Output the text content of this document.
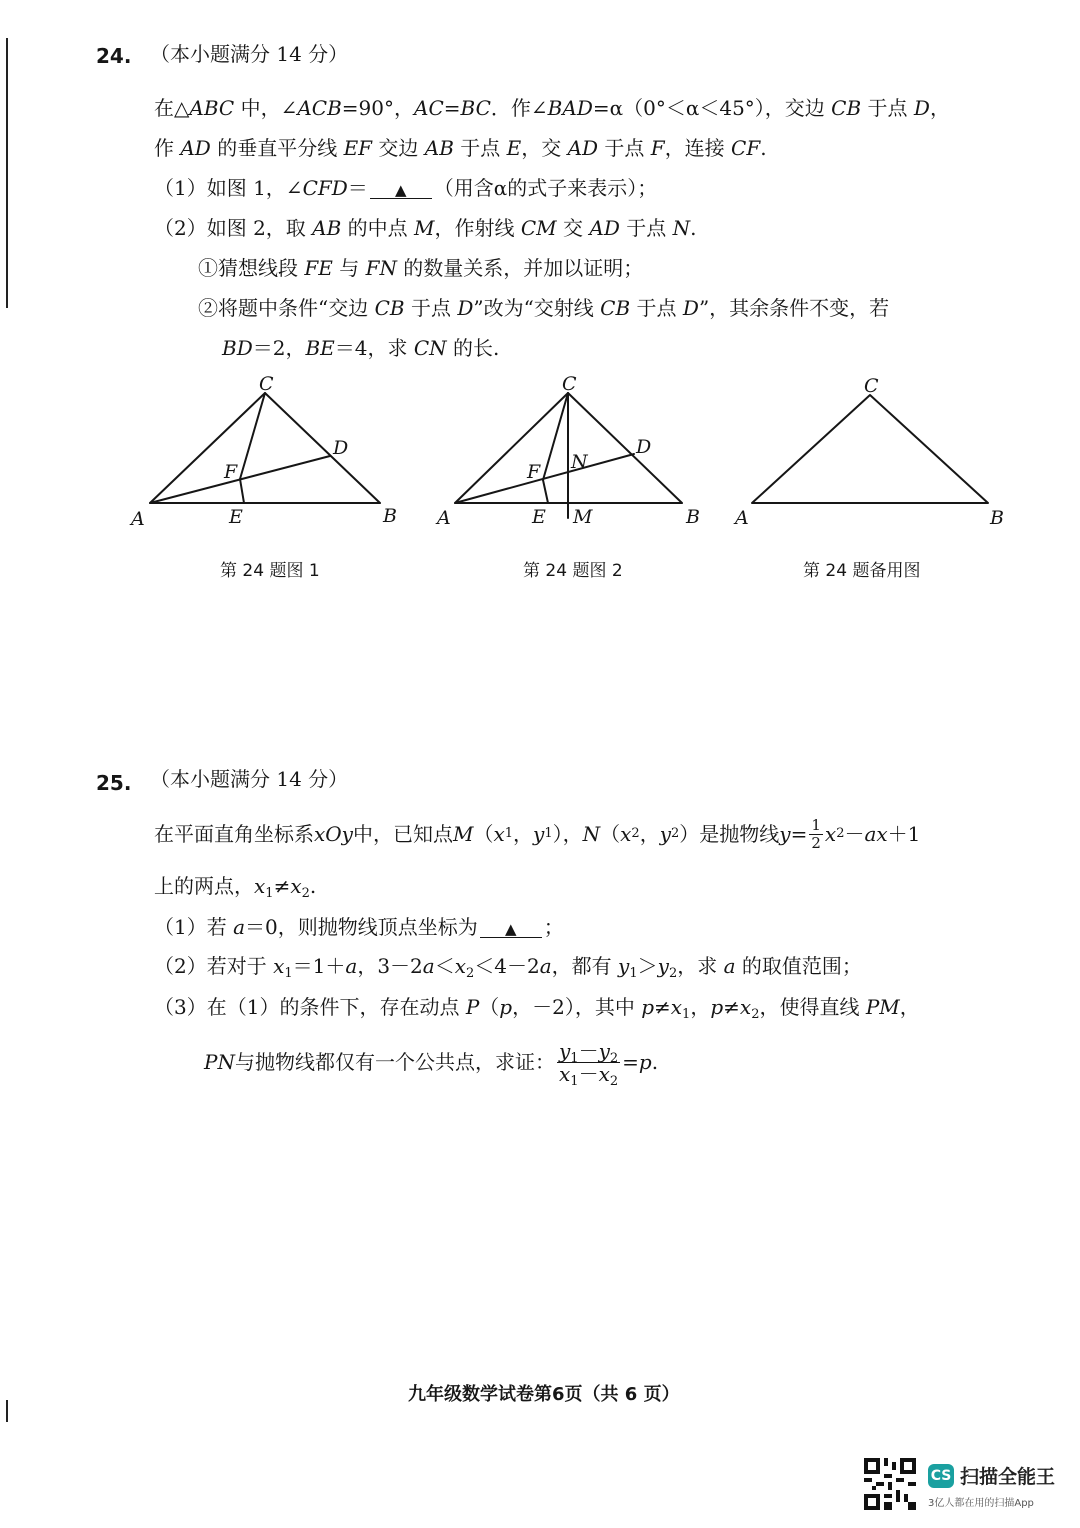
24. （本小题满分 14 分）
在△ABC 中，∠ACB=90°，AC=BC．作∠BAD=α（0°＜α＜45°），交边 CB 于点 D，
作 AD 的垂直平分线 EF 交边 AB 于点 E，交 AD 于点 F，连接 CF.
（1）如图 1，∠CFD＝ ▲ （用含α的式子来表示）；
（2）如图 2，取 AB 的中点 M，作射线 CM 交 AD 于点 N.
①猜想线段 FE 与 FN 的数量关系，并加以证明；
②将题中条件“交边 CB 于点 D”改为“交射线 CB 于点 D”，其余条件不变，若
BD＝2，BE＝4，求 CN 的长.
C
D
F
A	E	B
C
D
F N
A	E M	B
C
A	B
第 24 题图 1	第 24 题图 2	第 24 题备用图
25. （本小题满分 14 分）
在平面直角坐标系 xOy 中，已知点 M （ x 1 ， y 1 ）， N （ x 2 ， y 2 ）是抛物线 $y = \frac{1}{2}$ x 2 － ax ＋1
上的两点，$x_1\ne x_2$.
（1）若 a＝0，则抛物线顶点坐标为 ▲ ；
（2）若对于 $x_1=1+a$，$3-2a<x_2<4-2a$，都有 $y_1>y_2$，求 a 的取值范围；
（3）在（1）的条件下，存在动点 P（p，－2），其中 $p\ne x_1$，$p\ne x_2$，使得直线 PM，
PN 与抛物线都仅有一个公共点，求证： $\frac{y_1-y_2}{x_1-x_2} = p$ .
九年级数学试卷第6页（共 6 页）
CS 扫描全能王
3亿人都在用的扫描App
